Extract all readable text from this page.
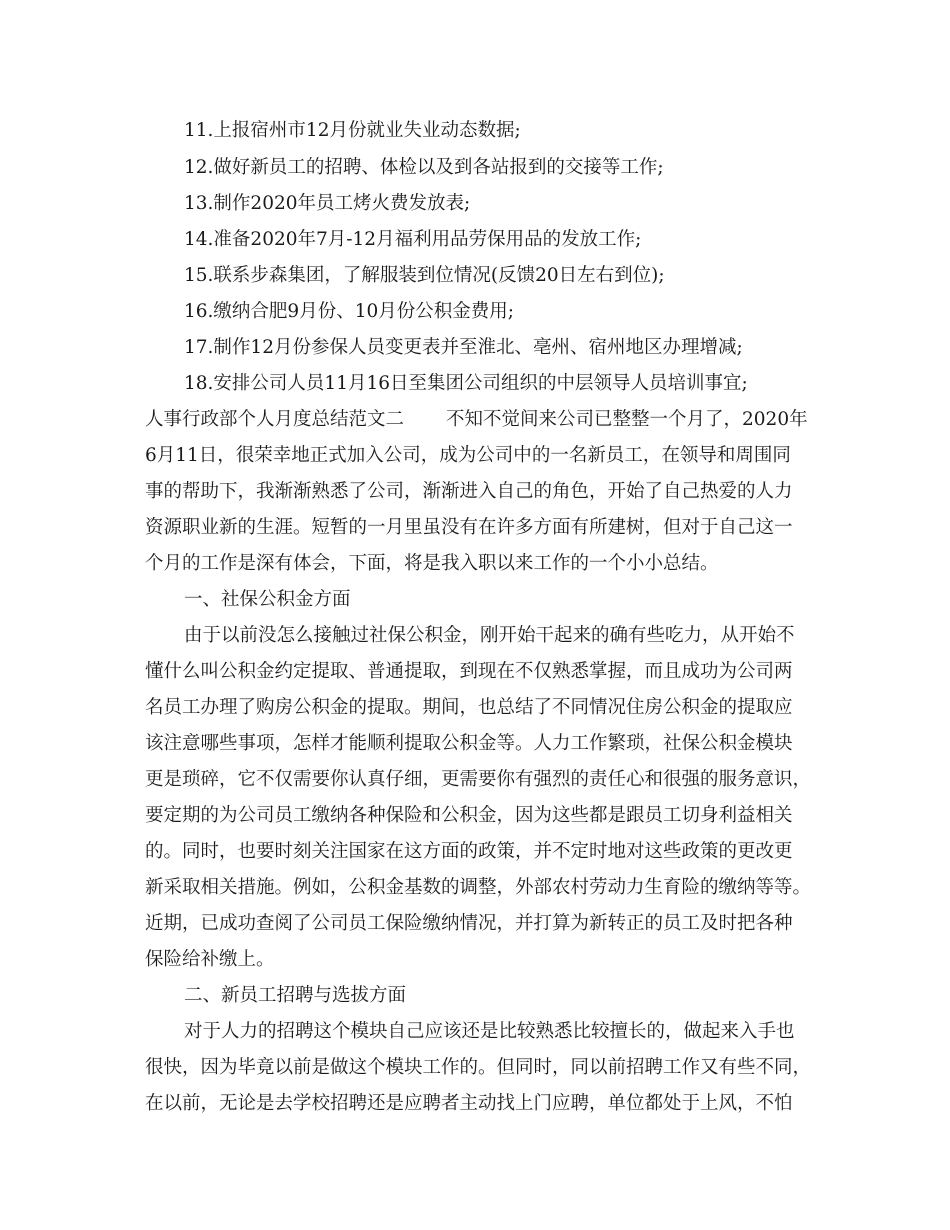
11.上报宿州市12月份就业失业动态数据;
12.做好新员工的招聘、体检以及到各站报到的交接等工作;
13.制作2020年员工烤火费发放表;
14.准备2020年7月-12月福利用品劳保用品的发放工作;
15.联系步森集团，了解服装到位情况(反馈20日左右到位);
16.缴纳合肥9月份、10月份公积金费用;
17.制作12月份参保人员变更表并至淮北、亳州、宿州地区办理增减;
18.安排公司人员11月16日至集团公司组织的中层领导人员培训事宜;
人事行政部个人月度总结范文二 不知不觉间来公司已整整一个月了，2020年
6月11日，很荣幸地正式加入公司，成为公司中的一名新员工，在领导和周围同
事的帮助下，我渐渐熟悉了公司，渐渐进入自己的角色，开始了自己热爱的人力
资源职业新的生涯。短暂的一月里虽没有在许多方面有所建树，但对于自己这一
个月的工作是深有体会，下面，将是我入职以来工作的一个小小总结。
一、社保公积金方面
由于以前没怎么接触过社保公积金，刚开始干起来的确有些吃力，从开始不
懂什么叫公积金约定提取、普通提取，到现在不仅熟悉掌握，而且成功为公司两
名员工办理了购房公积金的提取。期间，也总结了不同情况住房公积金的提取应
该注意哪些事项，怎样才能顺利提取公积金等。人力工作繁琐，社保公积金模块
更是琐碎，它不仅需要你认真仔细，更需要你有强烈的责任心和很强的服务意识，
要定期的为公司员工缴纳各种保险和公积金，因为这些都是跟员工切身利益相关
的。同时，也要时刻关注国家在这方面的政策，并不定时地对这些政策的更改更
新采取相关措施。例如，公积金基数的调整，外部农村劳动力生育险的缴纳等等。
近期，已成功查阅了公司员工保险缴纳情况，并打算为新转正的员工及时把各种
保险给补缴上。
二、新员工招聘与选拔方面
对于人力的招聘这个模块自己应该还是比较熟悉比较擅长的，做起来入手也
很快，因为毕竟以前是做这个模块工作的。但同时，同以前招聘工作又有些不同，
在以前，无论是去学校招聘还是应聘者主动找上门应聘，单位都处于上风，不怕
